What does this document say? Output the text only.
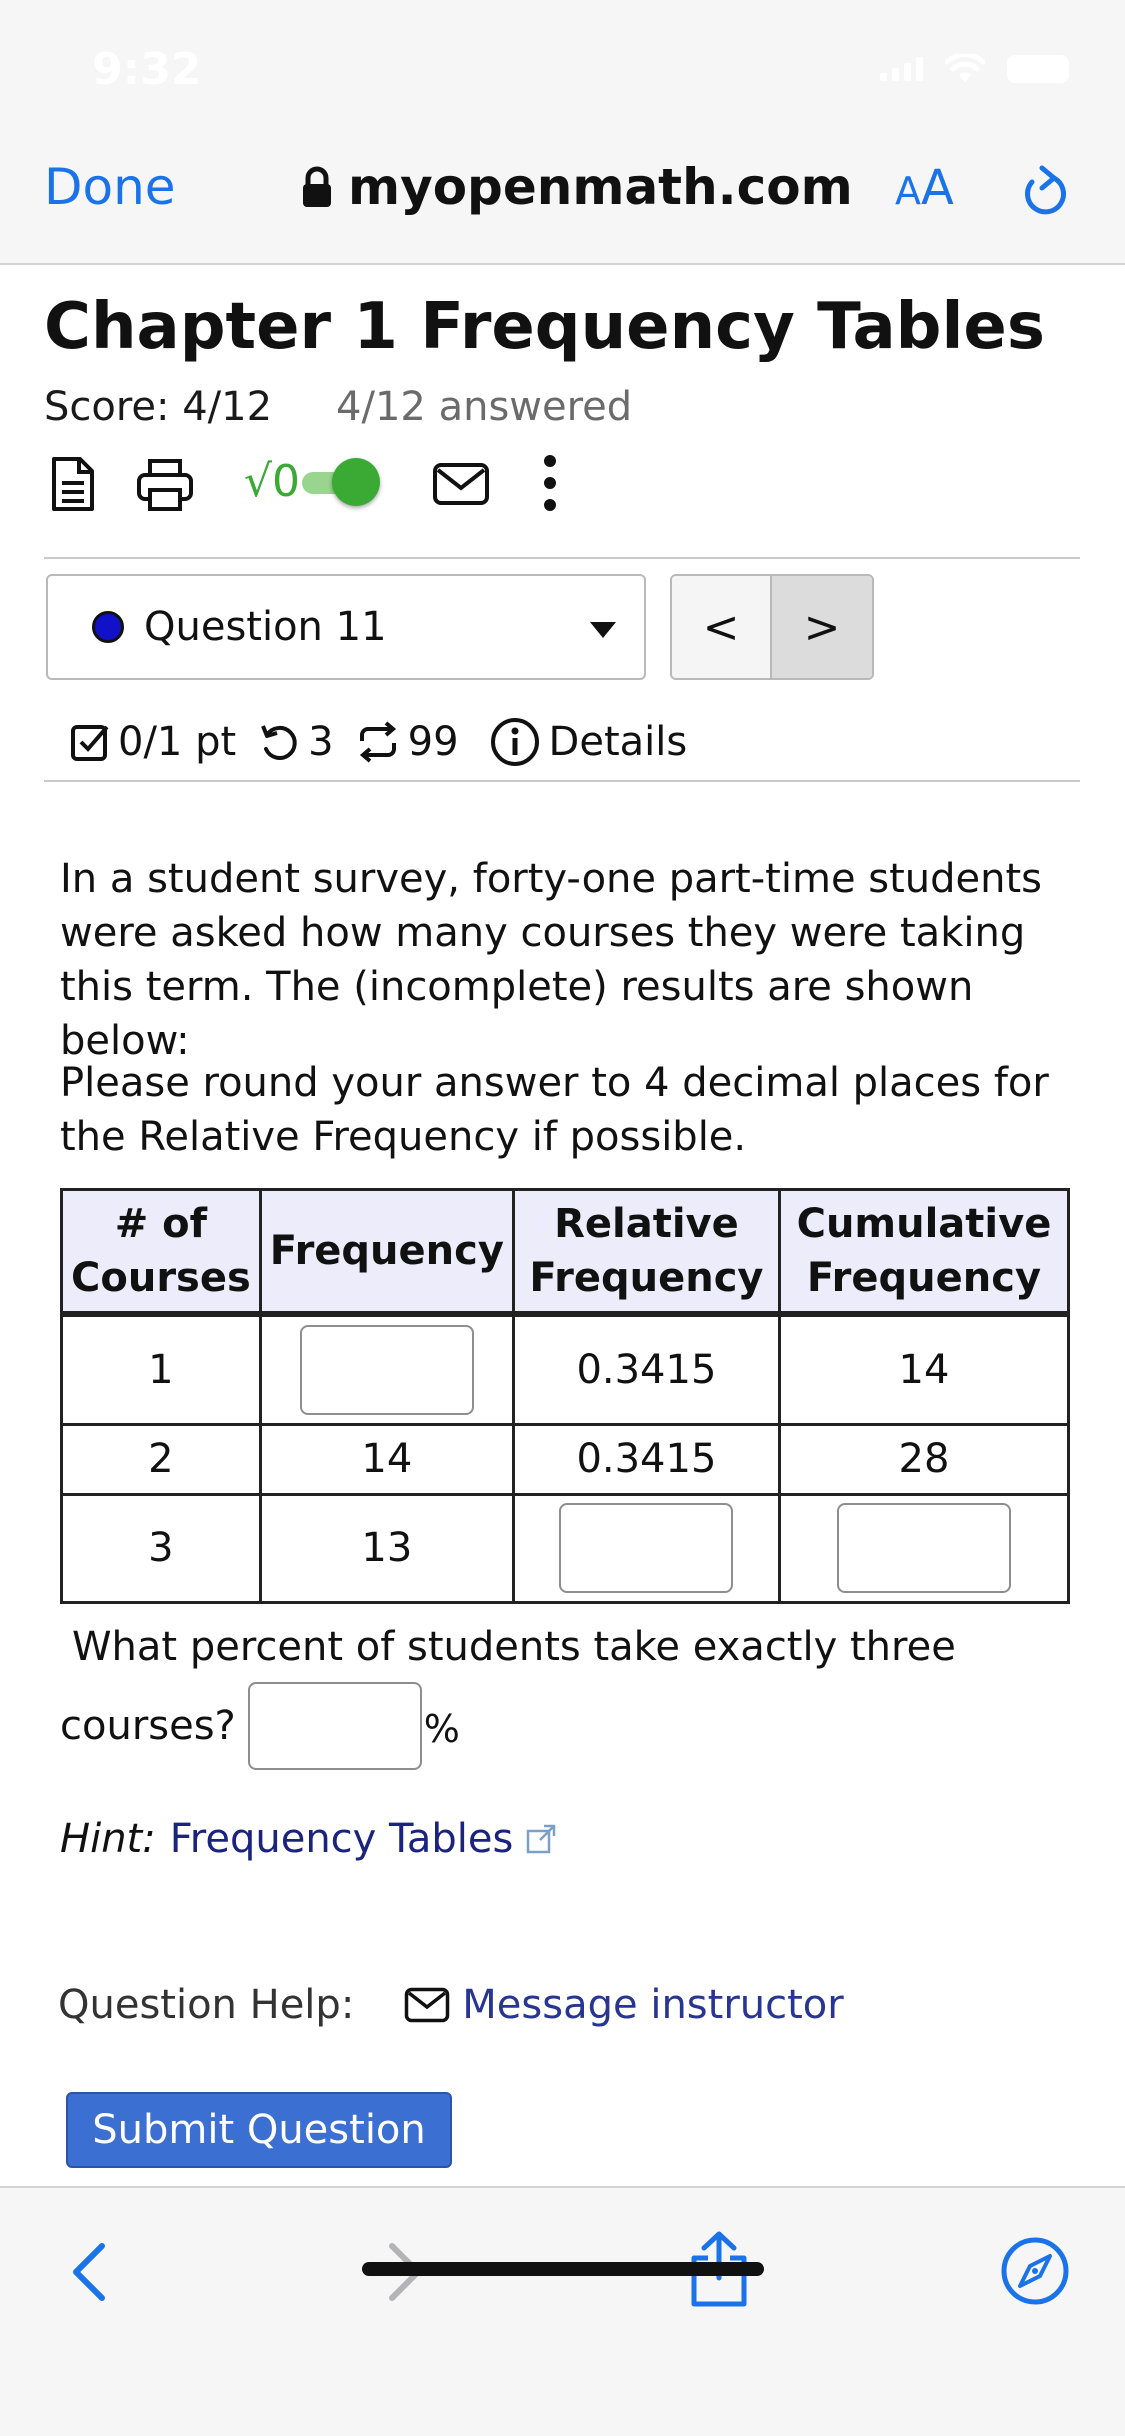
9:32
Done	myopenmath.com AA
Chapter 1 Frequency Tables
Score: 4/12 4/12 answered
√0
Question 11	<	>
0/1 pt 3 99 Details
In a student survey, forty-one part-time students were asked how many courses they were taking this term. The (incomplete) results are shown below:
Please round your answer to 4 decimal places for the Relative Frequency if possible.
# of Courses	Frequency	Relative Frequency	Cumulative Frequency
1		0.3415	14
2	14	0.3415	28
3	13		
What percent of students take exactly three
courses?	%
Hint: Frequency Tables
Question Help:	Message instructor
Submit Question
